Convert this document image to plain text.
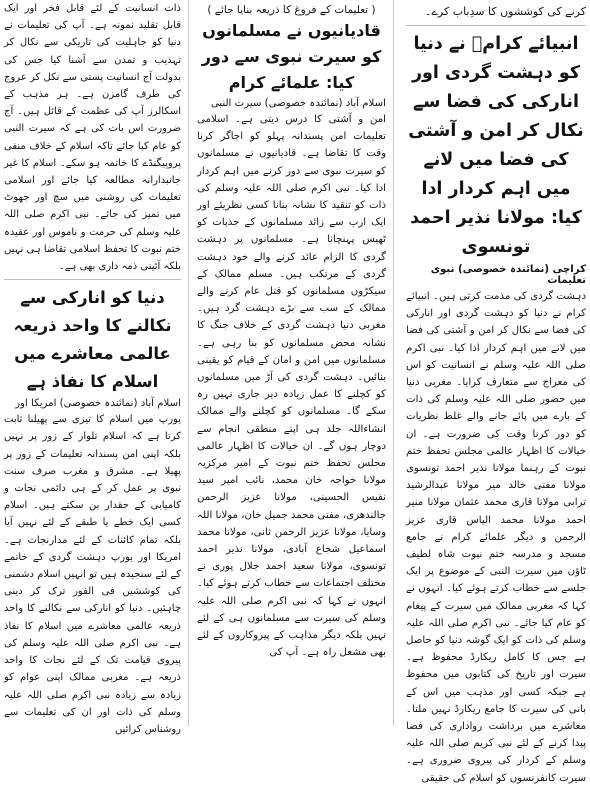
کرنے کی کوششوں کا سدِباب کرے۔
انبیائے کرامؑ نے دنیا کو دہشت گردی اور انارکی کی فضا سے نکال کر امن و آشتی کی فضا میں لانے میں اہم کردار ادا کیا: مولانا نذیر احمد تونسوی
کراچی (نمائندہ خصوصی) نبوی تعلیمات

دہشت گردی کی مذمت کرتی ہیں۔ انبیائے کرام نے دنیا کو دہشت گردی اور انارکی کی فضا سے نکال کر امن و آشتی کی فضا میں لانے میں اہم کردار ادا کیا۔ نبی اکرم صلی اللہ علیہ وسلم نے انسانیت کو اس کی معراج سے متعارف کرایا۔ مغربی دنیا میں حضور صلی اللہ علیہ وسلم کی ذات کے بارے میں پائے جانے والے غلط نظریات کو دور کرنا وقت کی ضرورت ہے۔ ان خیالات کا اظہار عالمی مجلس تحفظ ختم نبوت کے رہنما مولانا نذیر احمد تونسوی مولانا مفتی خالد میر مولانا عبدالرشید ترابی مولانا قاری محمد عثمان مولانا منیر احمد مولانا محمد الیاس قاری عزیز الرحمن و دیگر علمائے کرام نے جامع مسجد و مدرسہ ختم نبوت شاہ لطیف ٹاؤن میں سیرت النبی کے موضوع پر ایک جلسے سے خطاب کرتے ہوئے کیا۔ انہوں نے کہا کہ مغربی ممالک میں سیرت کے پیغام کو عام کیا جائے۔ نبی اکرم صلی اللہ علیہ وسلم کی ذات کو ایک گوشہ دنیا کو حاصل ہے جس کا کامل ریکارڈ محفوظ ہے۔ سیرت اور تاریخ کی کتابوں میں محفوظ ہے جبکہ کسی اور مذہب میں اس کے بانی کی سیرت کا جامع ریکارڈ نہیں ملتا۔ معاشرے میں برداشت رواداری کی فضا پیدا کرنے کے لئے نبی کریم صلی اللہ علیہ وسلم کے کردار کی پیروی ضروری ہے۔ سیرت کانفرنسوں کو اسلام کی حقیقی

( تعلیمات کے فروغ کا ذریعہ بنایا جائے )
قادیانیوں نے مسلمانوں کو سیرت نبوی سے دور کیا: علمائے کرام
اسلام آباد (نمائندہ خصوصی) سیرت النبی

امن و آشتی کا درس دیتی ہے۔ اسلامی تعلیمات امن پسندانہ پہلو کو اجاگر کرنا وقت کا تقاضا ہے۔ قادیانیوں نے مسلمانوں کو سیرت نبوی سے دور کرنے میں اہم کردار ادا کیا۔ نبی اکرم صلی اللہ علیہ وسلم کی ذات کو تنقید کا نشانہ بنانا کسی نظریئے اور ایک ارب سے زائد مسلمانوں کے جذبات کو ٹھیس پہنچانا ہے۔ مسلمانوں پر دہشت گردی کا الزام عائد کرنے والے خود دہشت گردی کے مرتکب ہیں۔ مسلم ممالک کے سیکڑوں مسلمانوں کو قتل عام کرنے والے ممالک کے سب سے بڑے دہشت گرد ہیں۔ مغربی دنیا دہشت گردی کے خلاف جنگ کا نشانہ محض مسلمانوں کو بنا رہی ہے۔ مسلمانوں میں امن و امان کے قیام کو یقینی بنائیں۔ دہشت گردی کی آڑ میں مسلمانوں کو کچلنے کا عمل زیادہ دیر جاری نہیں رہ سکے گا۔ مسلمانوں کو کچلنے والے ممالک انشاءاللہ جلد ہی اپنے منطقی انجام سے دوچار ہوں گے۔ ان خیالات کا اظہار عالمی مجلس تحفظ ختم نبوت کے امیر مرکزیہ مولانا خواجہ خان محمد، نائب امیر سید نفیس الحسینی، مولانا عزیز الرحمن جالندھری، مفتی محمد جمیل خان، مولانا اللہ وسایا، مولانا عزیز الرحمن ثانی، مولانا محمد اسماعیل شجاع آبادی، مولانا نذیر احمد تونسوی، مولانا سعید احمد جلال پوری نے مختلف اجتماعات سے خطاب کرتے ہوئے کیا۔ انہوں نے کہا کہ نبی اکرم صلی اللہ علیہ وسلم کی سیرت سے مسلمانوں ہی کے لئے نہیں بلکہ دیگر مذاہب کے پیروکاروں کے لئے بھی مشعل راہ ہے۔ آپ کی

ذات انسانیت کے لئے قابل فخر اور ایک قابل تقلید نمونہ ہے۔ آپ کی تعلیمات نے دنیا کو جاہلیت کی تاریکی سے نکال کر تہذیب و تمدن سے آشنا کیا جس کی بدولت آج انسانیت پستی سے نکل کر عروج کی طرف گامزن ہے۔ ہر مذہب کے اسکالرز آپ کی عظمت کے قائل ہیں۔ آج ضرورت اس بات کی ہے کہ سیرت النبی کو عام کیا جائے تاکہ اسلام کے خلاف منفی پروپیگنڈے کا خاتمہ ہو سکے۔ اسلام کا غیر جانبدارانہ مطالعہ کیا جائے اور اسلامی تعلیمات کی روشنی میں سچ اور جھوٹ میں تمیز کی جائے۔ نبی اکرم صلی اللہ علیہ وسلم کی حرمت و ناموس اور عقیدہ ختم نبوت کا تحفظ اسلامی تقاضا ہی نہیں بلکہ آئینی ذمہ داری بھی ہے۔

دنیا کو انارکی سے نکالنے کا واحد ذریعہ عالمی معاشرے میں اسلام کا نفاذ ہے
اسلام آباد (نمائندہ خصوصی) امریکا اور

یورپ میں اسلام کا تیزی سے پھیلنا ثابت کرتا ہے کہ اسلام تلوار کے زور پر نہیں بلکہ اپنی امن پسندانہ تعلیمات کے زور پر پھیلا ہے۔ مشرق و مغرب صرف سنت نبوی پر عمل کر کے ہی دائمی نجات و کامیابی کے حقدار بن سکتے ہیں۔ اسلام کسی ایک خطے یا طبقے کے لئے نہیں آیا بلکہ تمام کائنات کے لئے مدارنجات ہے۔ امریکا اور یورپ دہشت گردی کے خاتمے کے لئے سنجیدہ ہیں تو انہیں اسلام دشمنی کی کوششیں فی الفور ترک کر دینی چاہئیں۔ دنیا کو انارکی سے نکالنے کا واحد ذریعہ عالمی معاشرے میں اسلام کا نفاذ ہے۔ نبی اکرم صلی اللہ علیہ وسلم کی پیروی قیامت تک کے لئے نجات کا واحد ذریعہ ہے۔ مغربی ممالک اپنی عوام کو زیادہ سے زیادہ نبی اکرم صلی اللہ علیہ وسلم کی ذات اور ان کی تعلیمات سے روشناس کرائیں
